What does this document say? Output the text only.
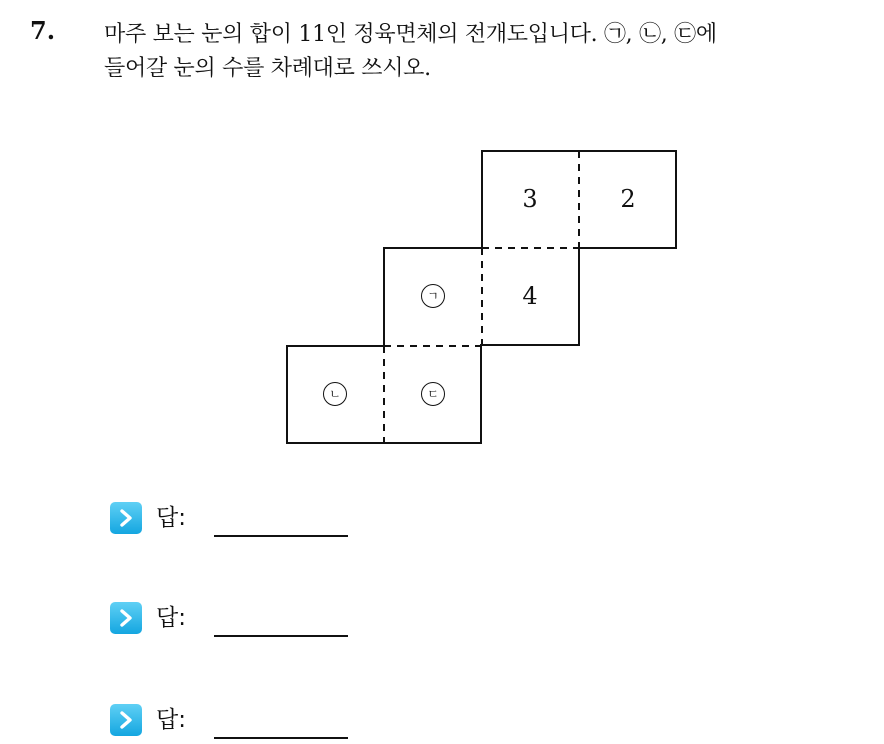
7. 마주 보는 눈의 합이 11인 정육면체의 전개도입니다. ㉠, ㉡, ㉢에
들어갈 눈의 수를 차례대로 쓰시오.
3	2
ㄱ	4
ㄴ	ㄷ
답:
답:
답:
